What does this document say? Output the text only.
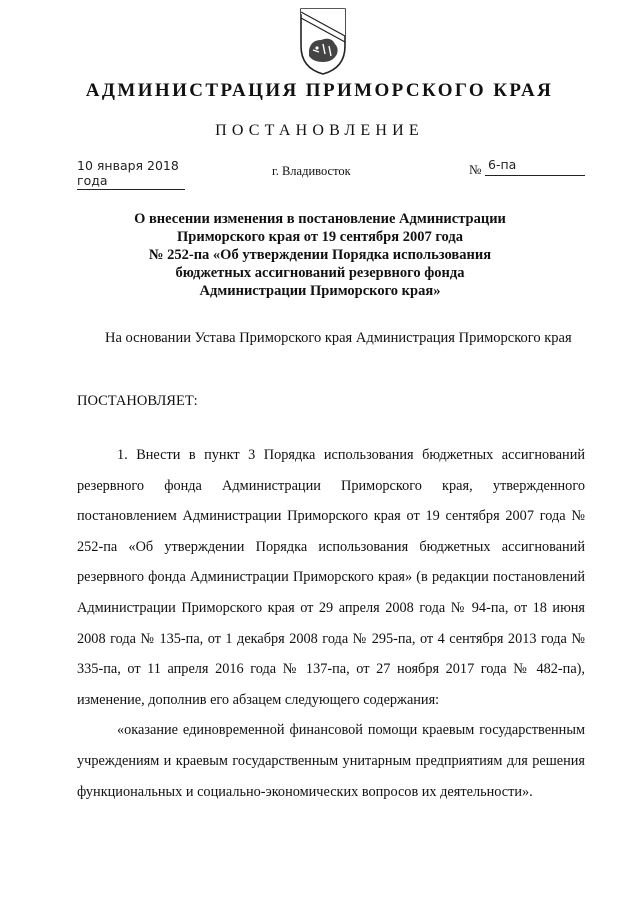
АДМИНИСТРАЦИЯ ПРИМОРСКОГО КРАЯ
ПОСТАНОВЛЕНИЕ
10 января 2018 года
г. Владивосток	№ 6-па
О внесении изменения в постановление Администрации
Приморского края от 19 сентября 2007 года
№ 252-па «Об утверждении Порядка использования
бюджетных ассигнований резервного фонда
Администрации Приморского края»
На основании Устава Приморского края Администрация Приморского края
ПОСТАНОВЛЯЕТ:

1. Внести в пункт 3 Порядка использования бюджетных ассигнований резервного фонда Администрации Приморского края, утвержденного постановлением Администрации Приморского края от 19 сентября 2007 года № 252-па «Об утверждении Порядка использования бюджетных ассигнований резервного фонда Администрации Приморского края» (в редакции постановлений Администрации Приморского края от 29 апреля 2008 года № 94-па, от 18 июня 2008 года № 135-па, от 1 декабря 2008 года № 295-па, от 4 сентября 2013 года № 335-па, от 11 апреля 2016 года № 137-па, от 27 ноября 2017 года № 482-па), изменение, дополнив его абзацем следующего содержания:

«оказание единовременной финансовой помощи краевым государственным учреждениям и краевым государственным унитарным предприятиям для решения функциональных и социально-экономических вопросов их деятельности».
